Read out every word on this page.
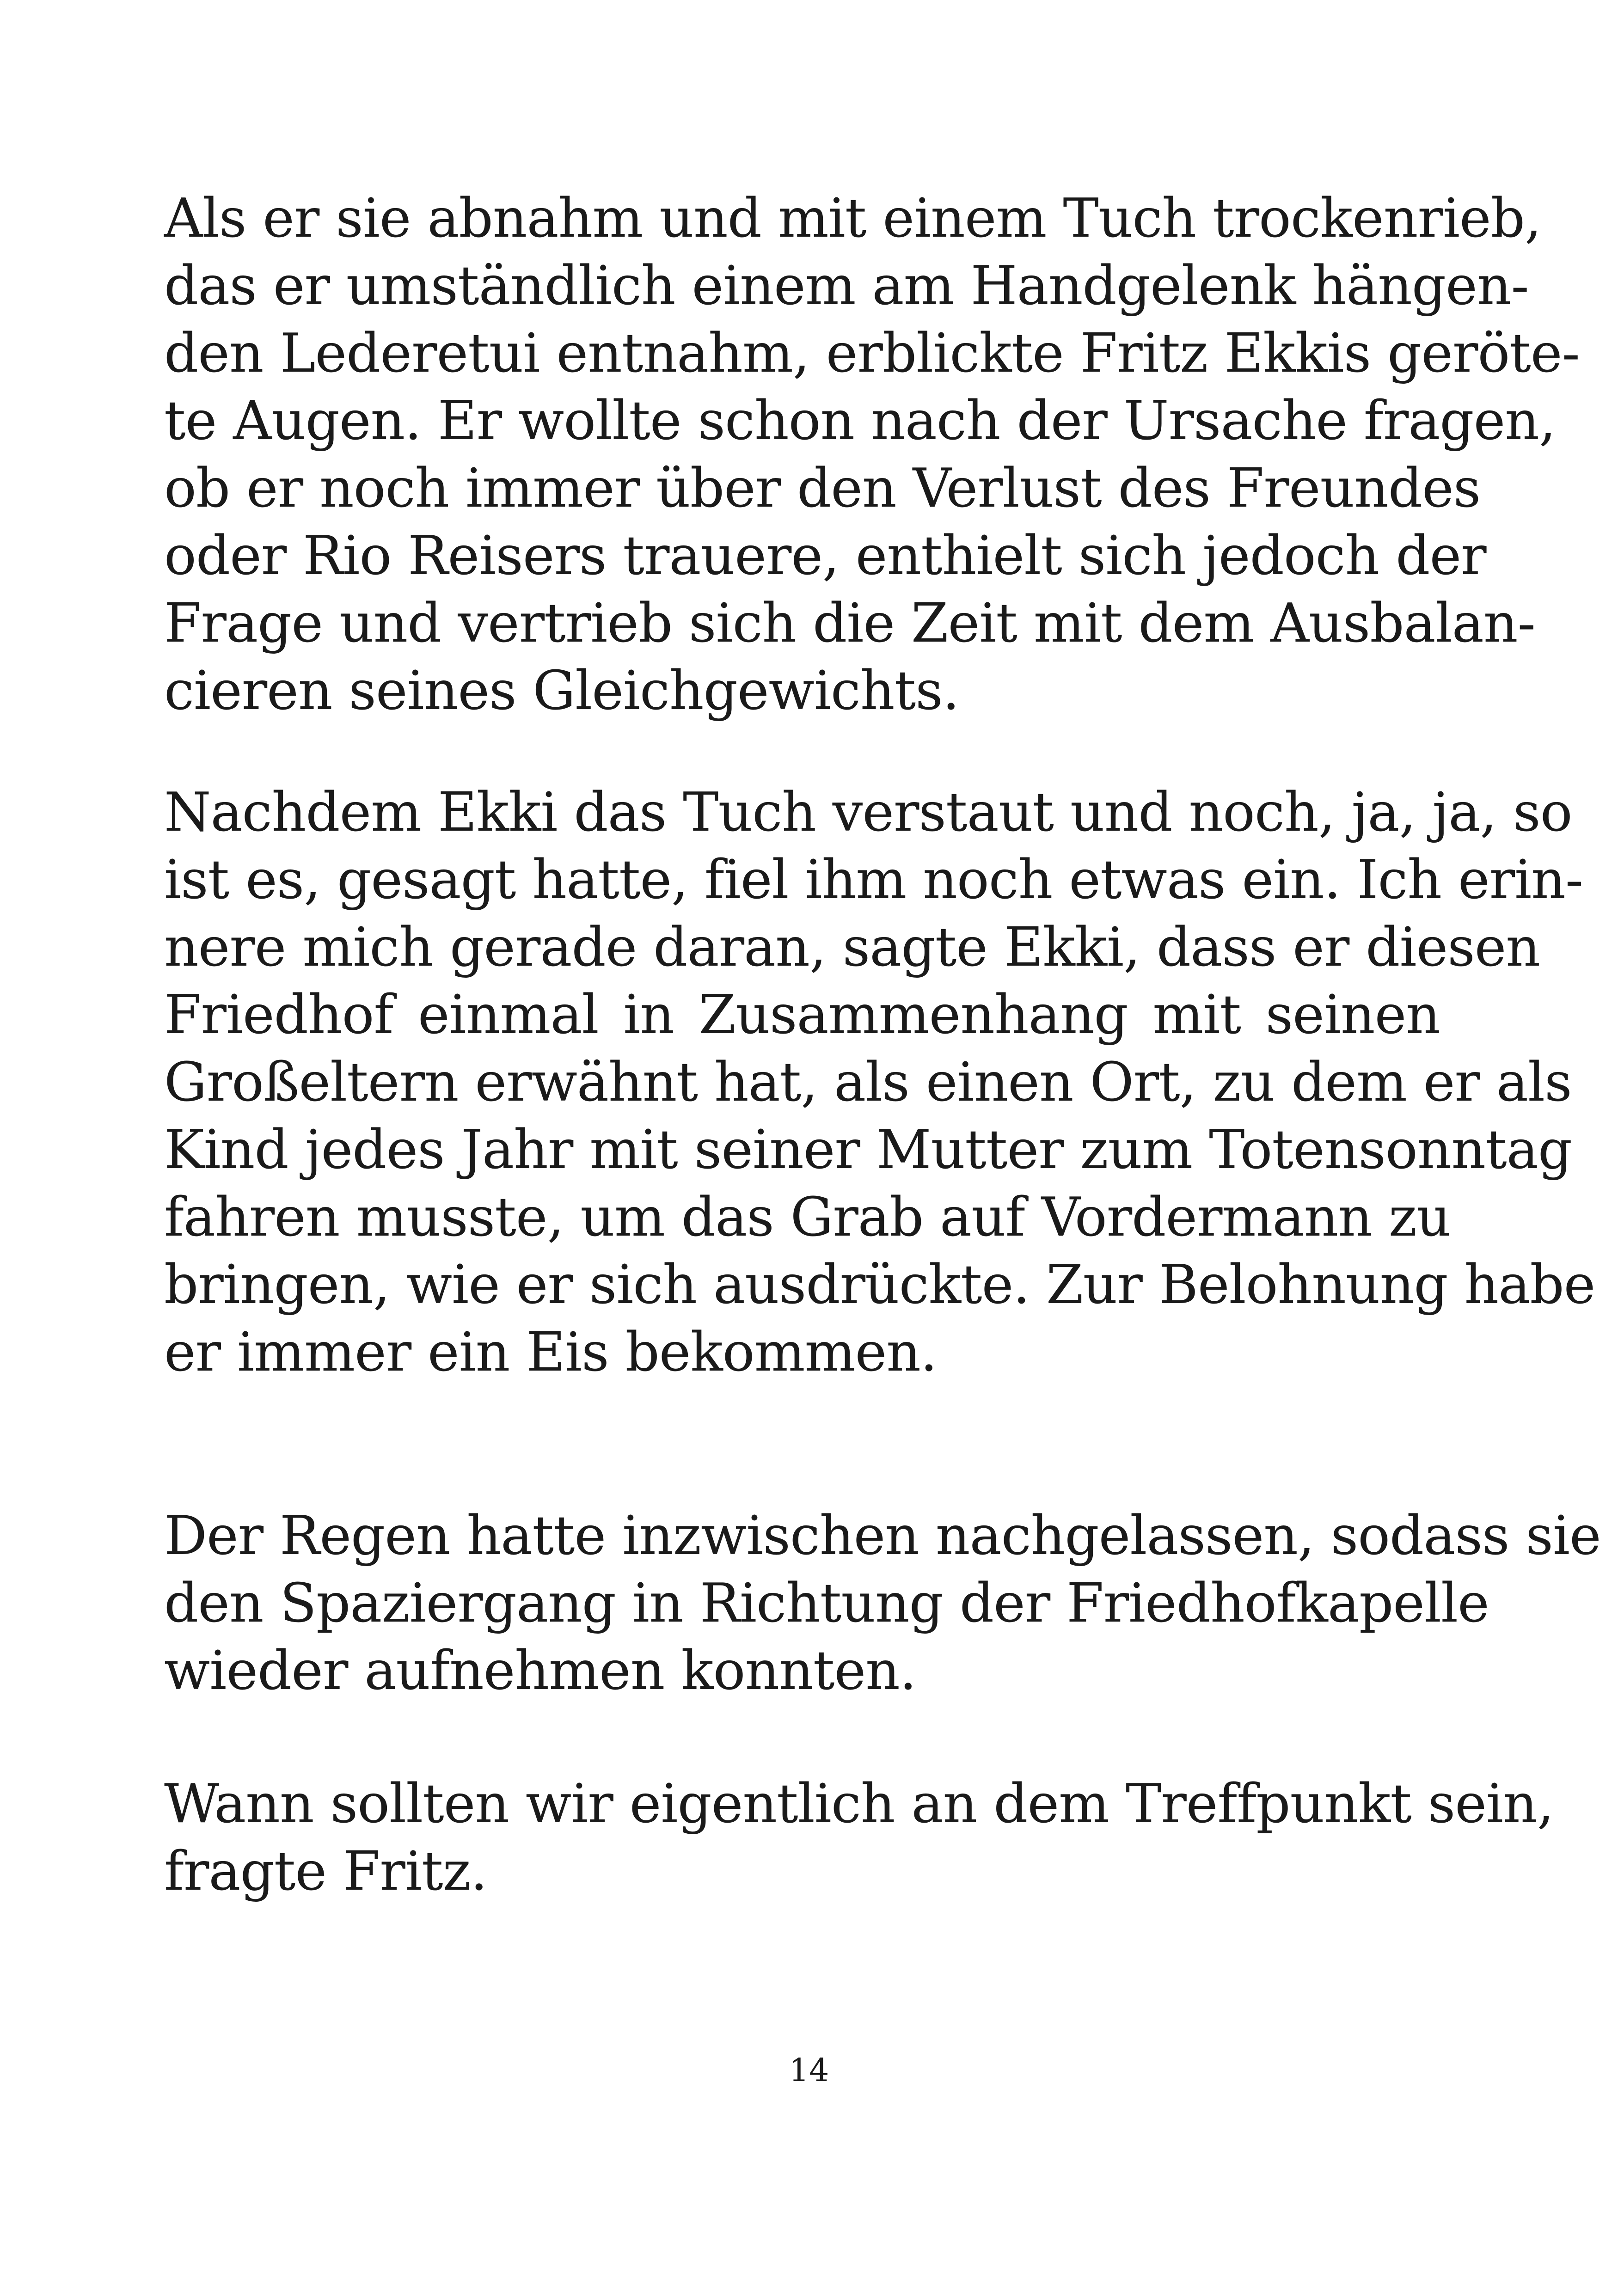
Als er sie abnahm und mit einem Tuch trockenrieb,
das er umständlich einem am Handgelenk hängen-
den Lederetui entnahm, erblickte Fritz Ekkis geröte-
te Augen. Er wollte schon nach der Ursache fragen,
ob er noch immer über den Verlust des Freundes
oder Rio Reisers trauere, enthielt sich jedoch der
Frage und vertrieb sich die Zeit mit dem Ausbalan-
cieren seines Gleichgewichts.
Nachdem Ekki das Tuch verstaut und noch, ja, ja, so
ist es, gesagt hatte, fiel ihm noch etwas ein. Ich erin-
nere mich gerade daran, sagte Ekki, dass er diesen
Friedhof einmal in Zusammenhang mit seinen
Großeltern erwähnt hat, als einen Ort, zu dem er als
Kind jedes Jahr mit seiner Mutter zum Totensonntag
fahren musste, um das Grab auf Vordermann zu
bringen, wie er sich ausdrückte. Zur Belohnung habe
er immer ein Eis bekommen.
Der Regen hatte inzwischen nachgelassen, sodass sie
den Spaziergang in Richtung der Friedhofkapelle
wieder aufnehmen konnten.
Wann sollten wir eigentlich an dem Treffpunkt sein,
fragte Fritz.
14
